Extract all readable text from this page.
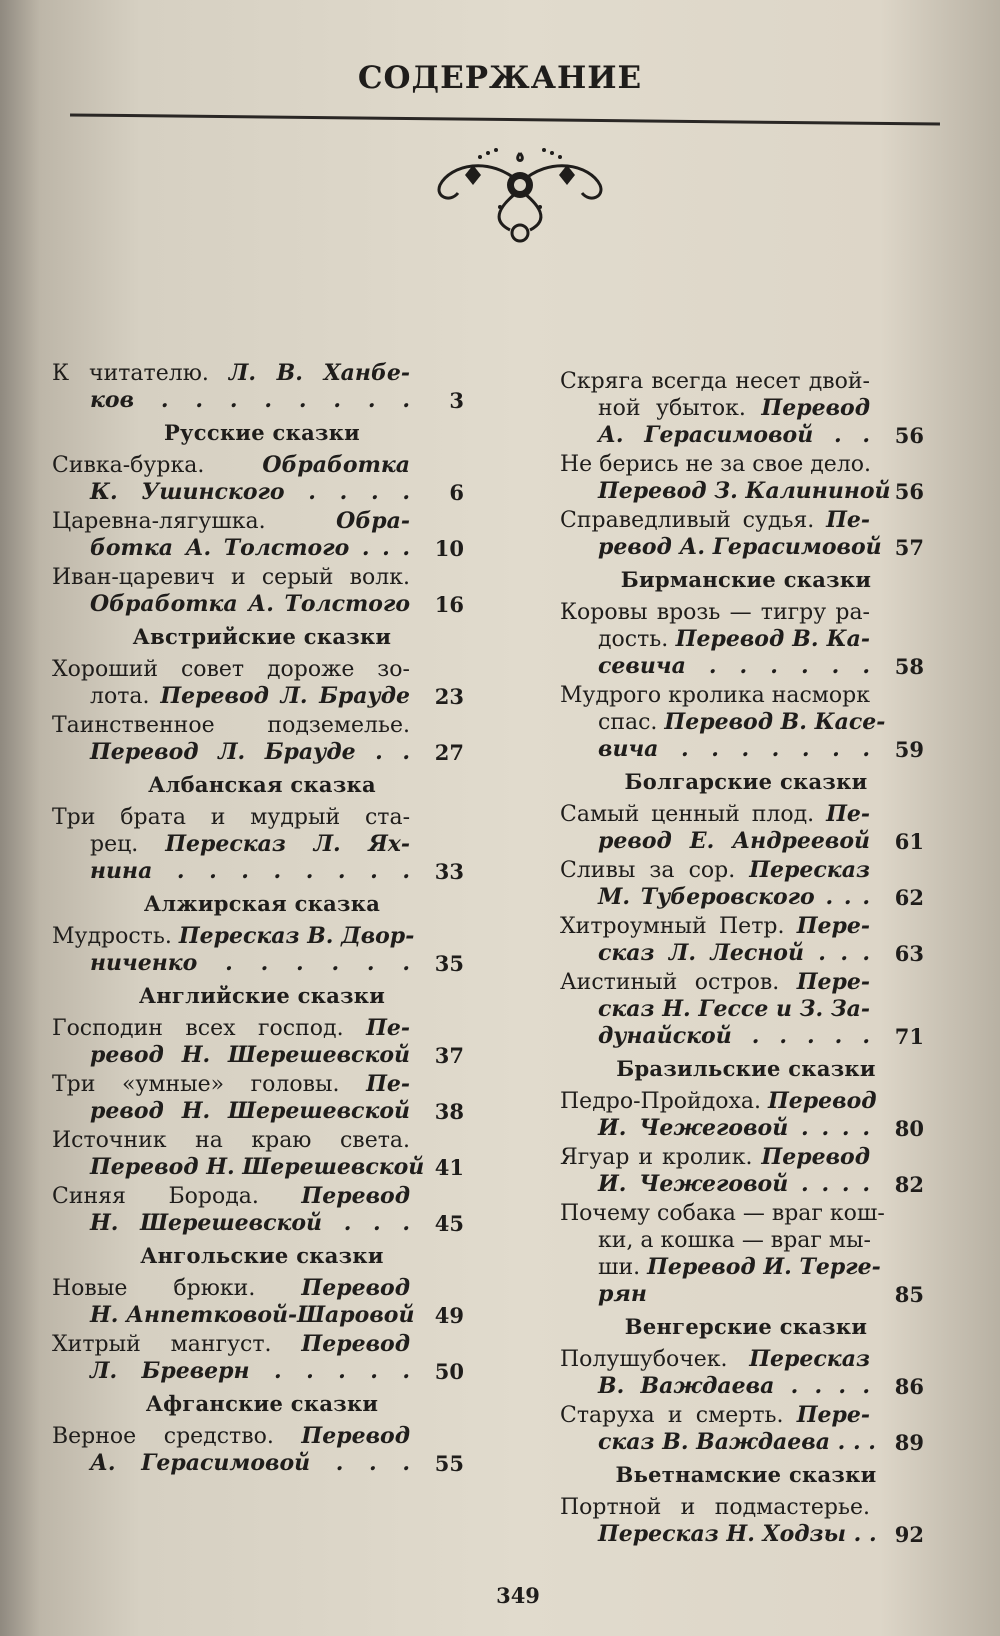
СОДЕРЖАНИЕ
К читателю. Л. В. Ханбе-
ков . . . . . . . . 3
Русские сказки
Сивка-бурка. Обработка
К. Ушинского . . . . 6
Царевна-лягушка. Обра-
ботка А. Толстого . . . 10
Иван-царевич и серый волк.
Обработка А. Толстого 16
Австрийские сказки
Хороший совет дороже зо-
лота. Перевод Л. Брауде 23
Таинственное подземелье.
Перевод Л. Брауде . . 27
Албанская сказка
Три брата и мудрый ста-
рец. Пересказ Л. Ях-
нина . . . . . . . . 33
Алжирская сказка
Мудрость. Пересказ В. Двор-
ниченко . . . . . . 35
Английские сказки
Господин всех господ. Пе-
ревод Н. Шерешевской 37
Три «умные» головы. Пе-
ревод Н. Шерешевской 38
Источник на краю света.
Перевод Н. Шерешевской 41
Синяя Борода. Перевод
Н. Шерешевской . . . 45
Ангольские сказки
Новые брюки. Перевод
Н. Анпетковой-Шаровой 49
Хитрый мангуст. Перевод
Л. Бреверн . . . . . 50
Афганские сказки
Верное средство. Перевод
А. Герасимовой . . . 55
Скряга всегда несет двой-
ной убыток. Перевод
А. Герасимовой . . 56
Не берись не за свое дело.
Перевод З. Калининой 56
Справедливый судья. Пе-
ревод А. Герасимовой 57
Бирманские сказки
Коровы врозь — тигру ра-
дость. Перевод В. Ка-
севича . . . . . . 58
Мудрого кролика насморк
спас. Перевод В. Касе-
вича . . . . . . . 59
Болгарские сказки
Самый ценный плод. Пе-
ревод Е. Андреевой 61
Сливы за сор. Пересказ
М. Туберовского . . . 62
Хитроумный Петр. Пере-
сказ Л. Лесной . . . 63
Аистиный остров. Пере-
сказ Н. Гессе и З. За-
дунайской . . . . . 71
Бразильские сказки
Педро-Пройдоха. Перевод
И. Чежеговой . . . . 80
Ягуар и кролик. Перевод
И. Чежеговой . . . . 82
Почему собака — враг кош-
ки, а кошка — враг мы-
ши. Перевод И. Терге-
рян	85
Венгерские сказки
Полушубочек. Пересказ
В. Важдаева . . . . 86
Старуха и смерть. Пере-
сказ В. Важдаева . . . 89
Вьетнамские сказки
Портной и подмастерье.
Пересказ Н. Ходзы . . 92
349
